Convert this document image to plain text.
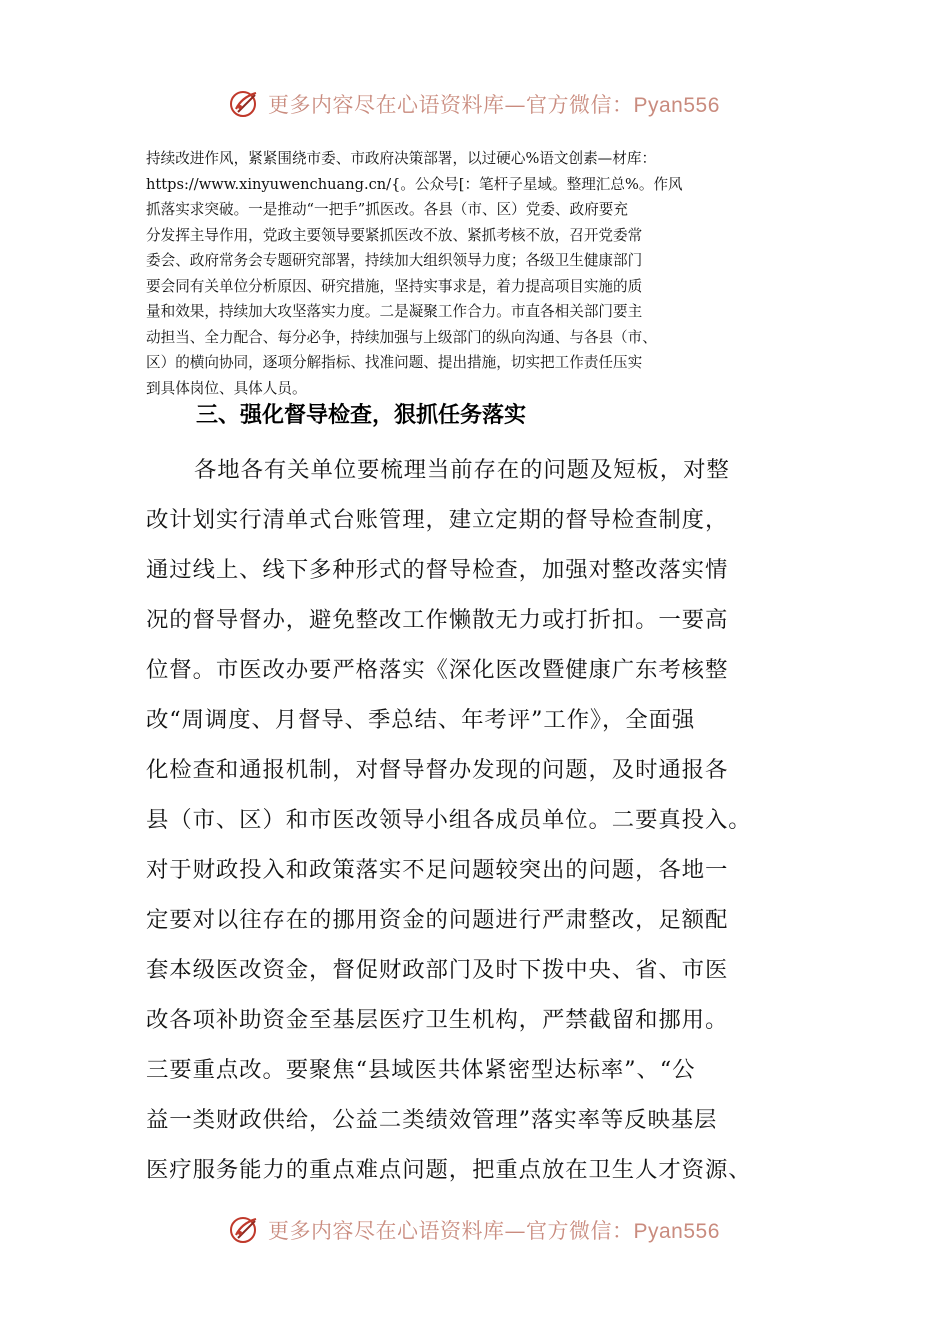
更多内容尽在心语资料库—官方微信：Pyan556
持续改进作风，紧紧围绕市委、市政府决策部署，以过硬心%语文创素—材库：
https://www.xinyuwenchuang.cn/{。公众号[：笔杆子星域。整理汇总%。作风
抓落实求突破。一是推动“一把手”抓医改。各县（市、区）党委、政府要充
分发挥主导作用，党政主要领导要紧抓医改不放、紧抓考核不放，召开党委常
委会、政府常务会专题研究部署，持续加大组织领导力度；各级卫生健康部门
要会同有关单位分析原因、研究措施，坚持实事求是，着力提高项目实施的质
量和效果，持续加大攻坚落实力度。二是凝聚工作合力。市直各相关部门要主
动担当、全力配合、每分必争，持续加强与上级部门的纵向沟通、与各县（市、
区）的横向协同，逐项分解指标、找准问题、提出措施，切实把工作责任压实
到具体岗位、具体人员。
三、强化督导检查，狠抓任务落实
各地各有关单位要梳理当前存在的问题及短板，对整
改计划实行清单式台账管理，建立定期的督导检查制度，
通过线上、线下多种形式的督导检查，加强对整改落实情
况的督导督办，避免整改工作懒散无力或打折扣。一要高
位督。市医改办要严格落实《深化医改暨健康广东考核整
改“周调度、月督导、季总结、年考评”工作》，全面强
化检查和通报机制，对督导督办发现的问题，及时通报各
县（市、区）和市医改领导小组各成员单位。二要真投入。
对于财政投入和政策落实不足问题较突出的问题，各地一
定要对以往存在的挪用资金的问题进行严肃整改，足额配
套本级医改资金，督促财政部门及时下拨中央、省、市医
改各项补助资金至基层医疗卫生机构，严禁截留和挪用。
三要重点改。要聚焦“县域医共体紧密型达标率”、“公
益一类财政供给，公益二类绩效管理”落实率等反映基层
医疗服务能力的重点难点问题，把重点放在卫生人才资源、
更多内容尽在心语资料库—官方微信：Pyan556
